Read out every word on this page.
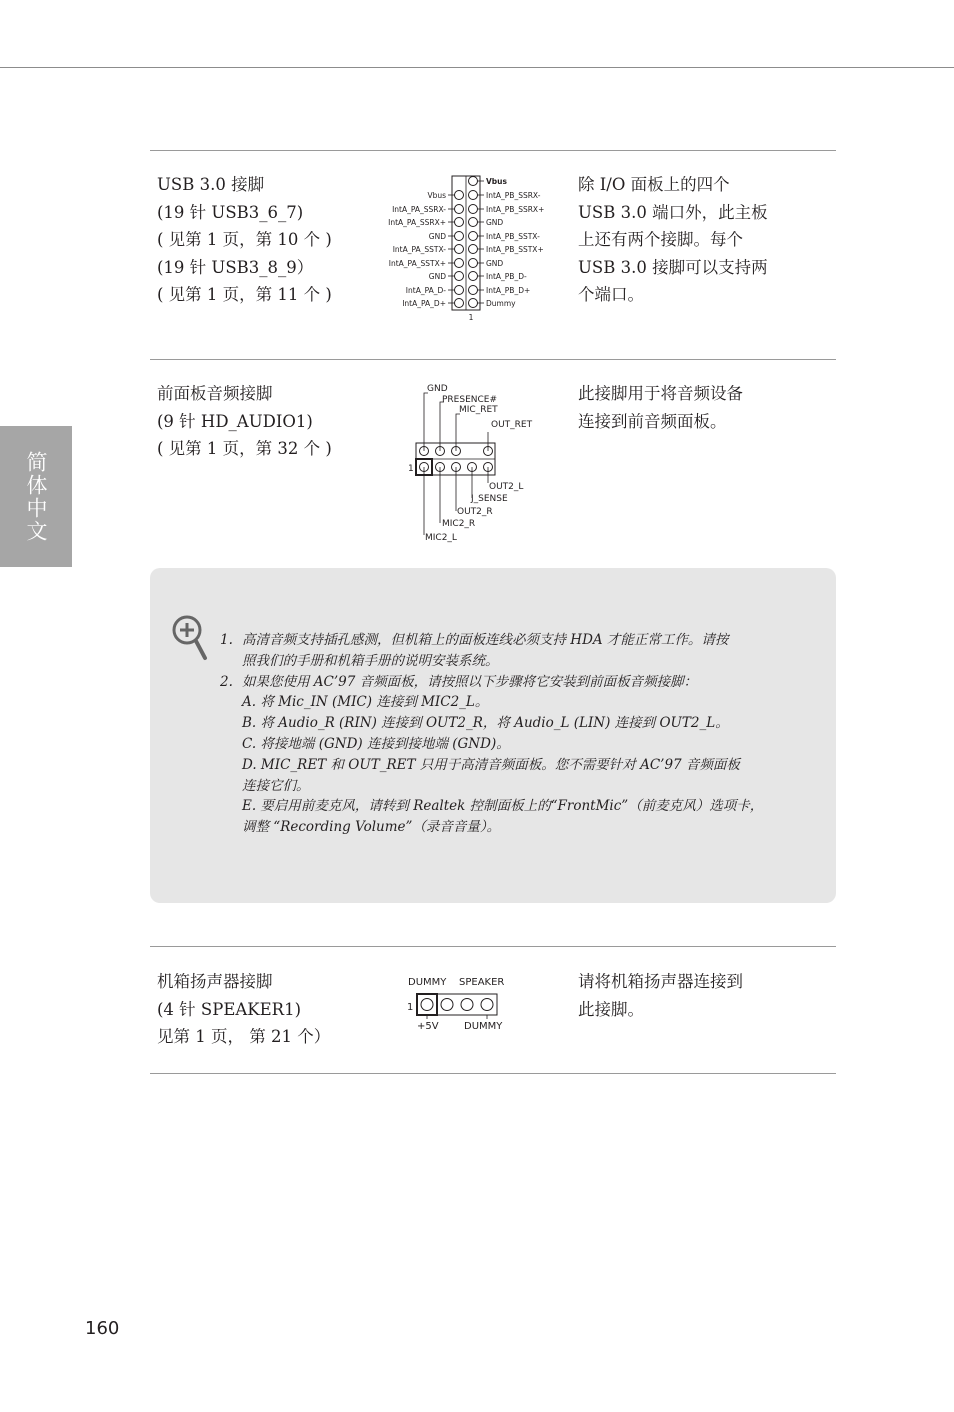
简体中文
USB 3.0 接脚
(19 针 USB3_6_7)
( 见第 1 页，第 10 个 )
(19 针 USB3_8_9）
( 见第 1 页，第 11 个 )
除 I/O 面板上的四个
USB 3.0 端口外，此主板
上还有两个接脚。每个
USB 3.0 接脚可以支持两
个端口。
Vbus
IntA_PA_SSRX-
IntA_PA_SSRX+
GND
IntA_PA_SSTX-
IntA_PA_SSTX+
GND
IntA_PA_D-
IntA_PA_D+
Vbus
IntA_PB_SSRX-
IntA_PB_SSRX+
GND
IntA_PB_SSTX-
IntA_PB_SSTX+
GND
IntA_PB_D-
IntA_PB_D+
Dummy
1
前面板音频接脚
(9 针 HD_AUDIO1)
( 见第 1 页，第 32 个 )
此接脚用于将音频设备
连接到前音频面板。
GND
PRESENCE#
MIC_RET
OUT_RET
OUT2_L
J_SENSE
OUT2_R
MIC2_R
MIC2_L
1
1. 高清音频支持插孔感测，但机箱上的面板连线必须支持 HDA 才能正常工作。请按
照我们的手册和机箱手册的说明安装系统。
2. 如果您使用 AC’97 音频面板，请按照以下步骤将它安装到前面板音频接脚：
A. 将 Mic_IN (MIC) 连接到 MIC2_L。
B. 将 Audio_R (RIN) 连接到 OUT2_R，将 Audio_L (LIN) 连接到 OUT2_L。
C. 将接地端 (GND) 连接到接地端 (GND)。
D. MIC_RET 和 OUT_RET 只用于高清音频面板。您不需要针对 AC’97 音频面板
连接它们。
E. 要启用前麦克风，请转到 Realtek 控制面板上的“FrontMic”（前麦克风）选项卡，
调整 “Recording Volume”（录音音量）。
机箱扬声器接脚
(4 针 SPEAKER1)
见第 1 页， 第 21 个）
请将机箱扬声器连接到
此接脚。
DUMMY SPEAKER
+5V	DUMMY
1
160
